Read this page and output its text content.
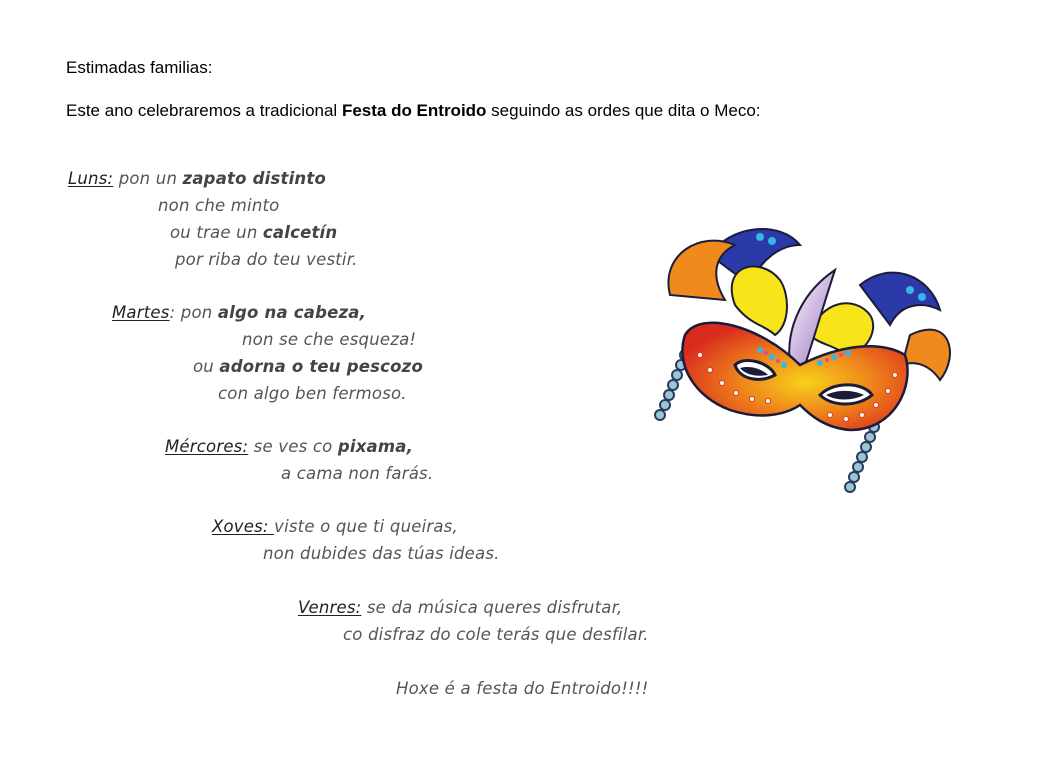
Estimadas familias:

Este ano celebraremos a tradicional Festa do Entroido seguindo as ordes que dita o Meco:

Luns: pon un zapato distinto

non che minto

ou trae un calcetín

por riba do teu vestir.

Martes: pon algo na cabeza,

non se che esqueza!

ou adorna o teu pescozo

con algo ben fermoso.

Mércores: se ves co pixama,

a cama non farás.

Xoves: viste o que ti queiras,

non dubides das túas ideas.

Venres: se da música queres disfrutar,

co disfraz do cole terás que desfilar.

Hoxe é a festa do Entroido!!!!
